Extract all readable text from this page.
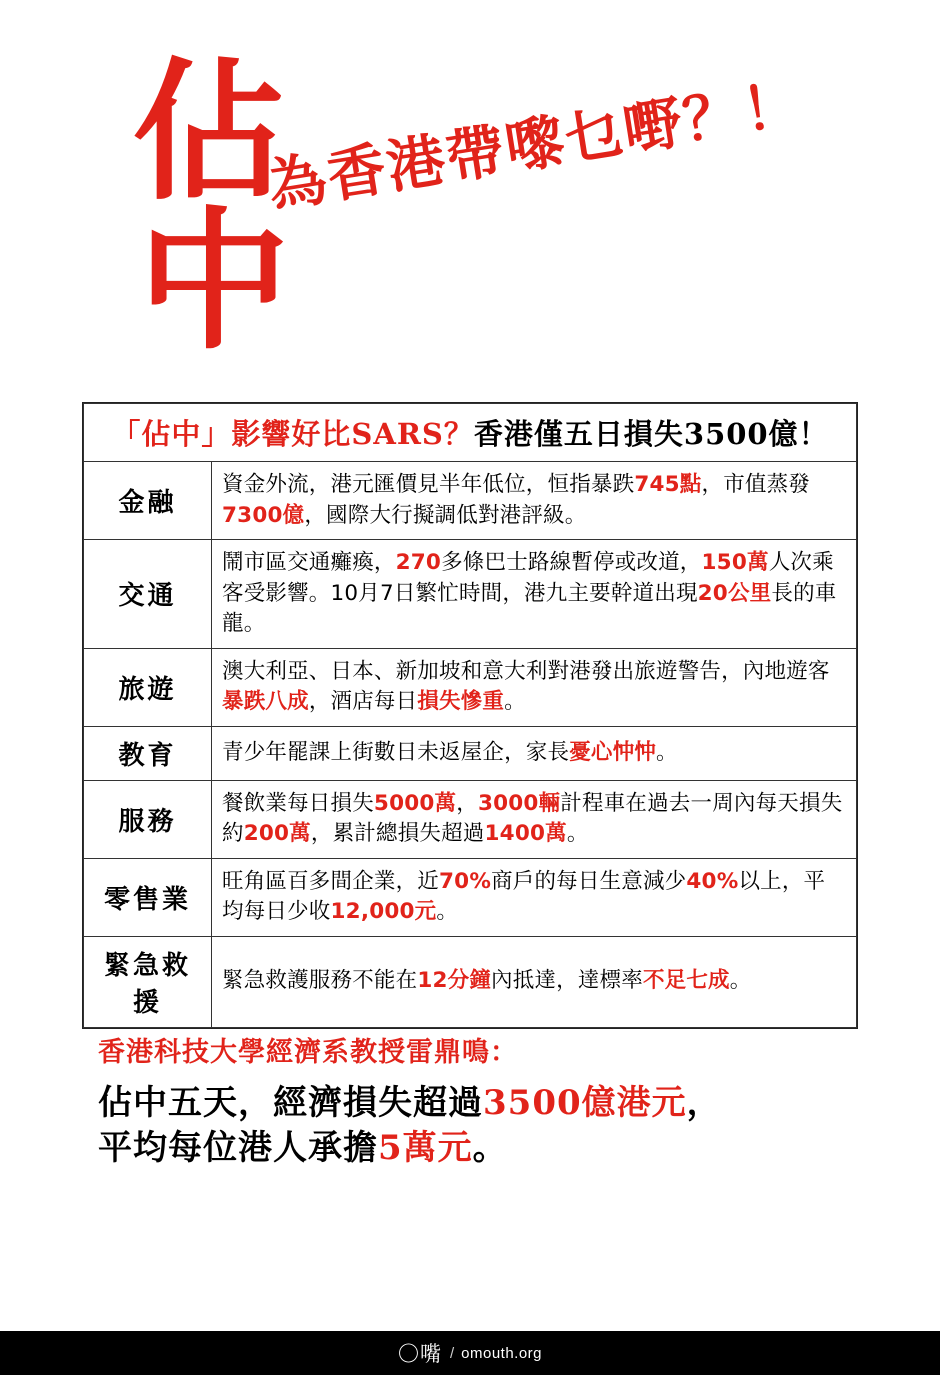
佔
中
為香港帶嚟乜嘢？！
「佔中」影響好比SARS？香港僅五日損失3500億！	
金融	資金外流，港元匯價見半年低位，恒指暴跌745點，市值蒸發7300億，國際大行擬調低對港評級。
交通	鬧市區交通癱瘓，270多條巴士路線暫停或改道，150萬人次乘客受影響。10月7日繁忙時間，港九主要幹道出現20公里長的車龍。
旅遊	澳大利亞、日本、新加坡和意大利對港發出旅遊警告，內地遊客暴跌八成，酒店每日損失慘重。
教育	青少年罷課上街數日未返屋企，家長憂心忡忡。
服務	餐飲業每日損失5000萬，3000輛計程車在過去一周內每天損失約200萬，累計總損失超過1400萬。
零售業	旺角區百多間企業，近70%商戶的每日生意減少40%以上，平均每日少收12,000元。
緊急救援	緊急救護服務不能在12分鐘內抵達，達標率不足七成。
香港科技大學經濟系教授雷鼎鳴：
佔中五天，經濟損失超過3500億港元，
平均每位港人承擔5萬元。
〇嘴 / omouth.org
